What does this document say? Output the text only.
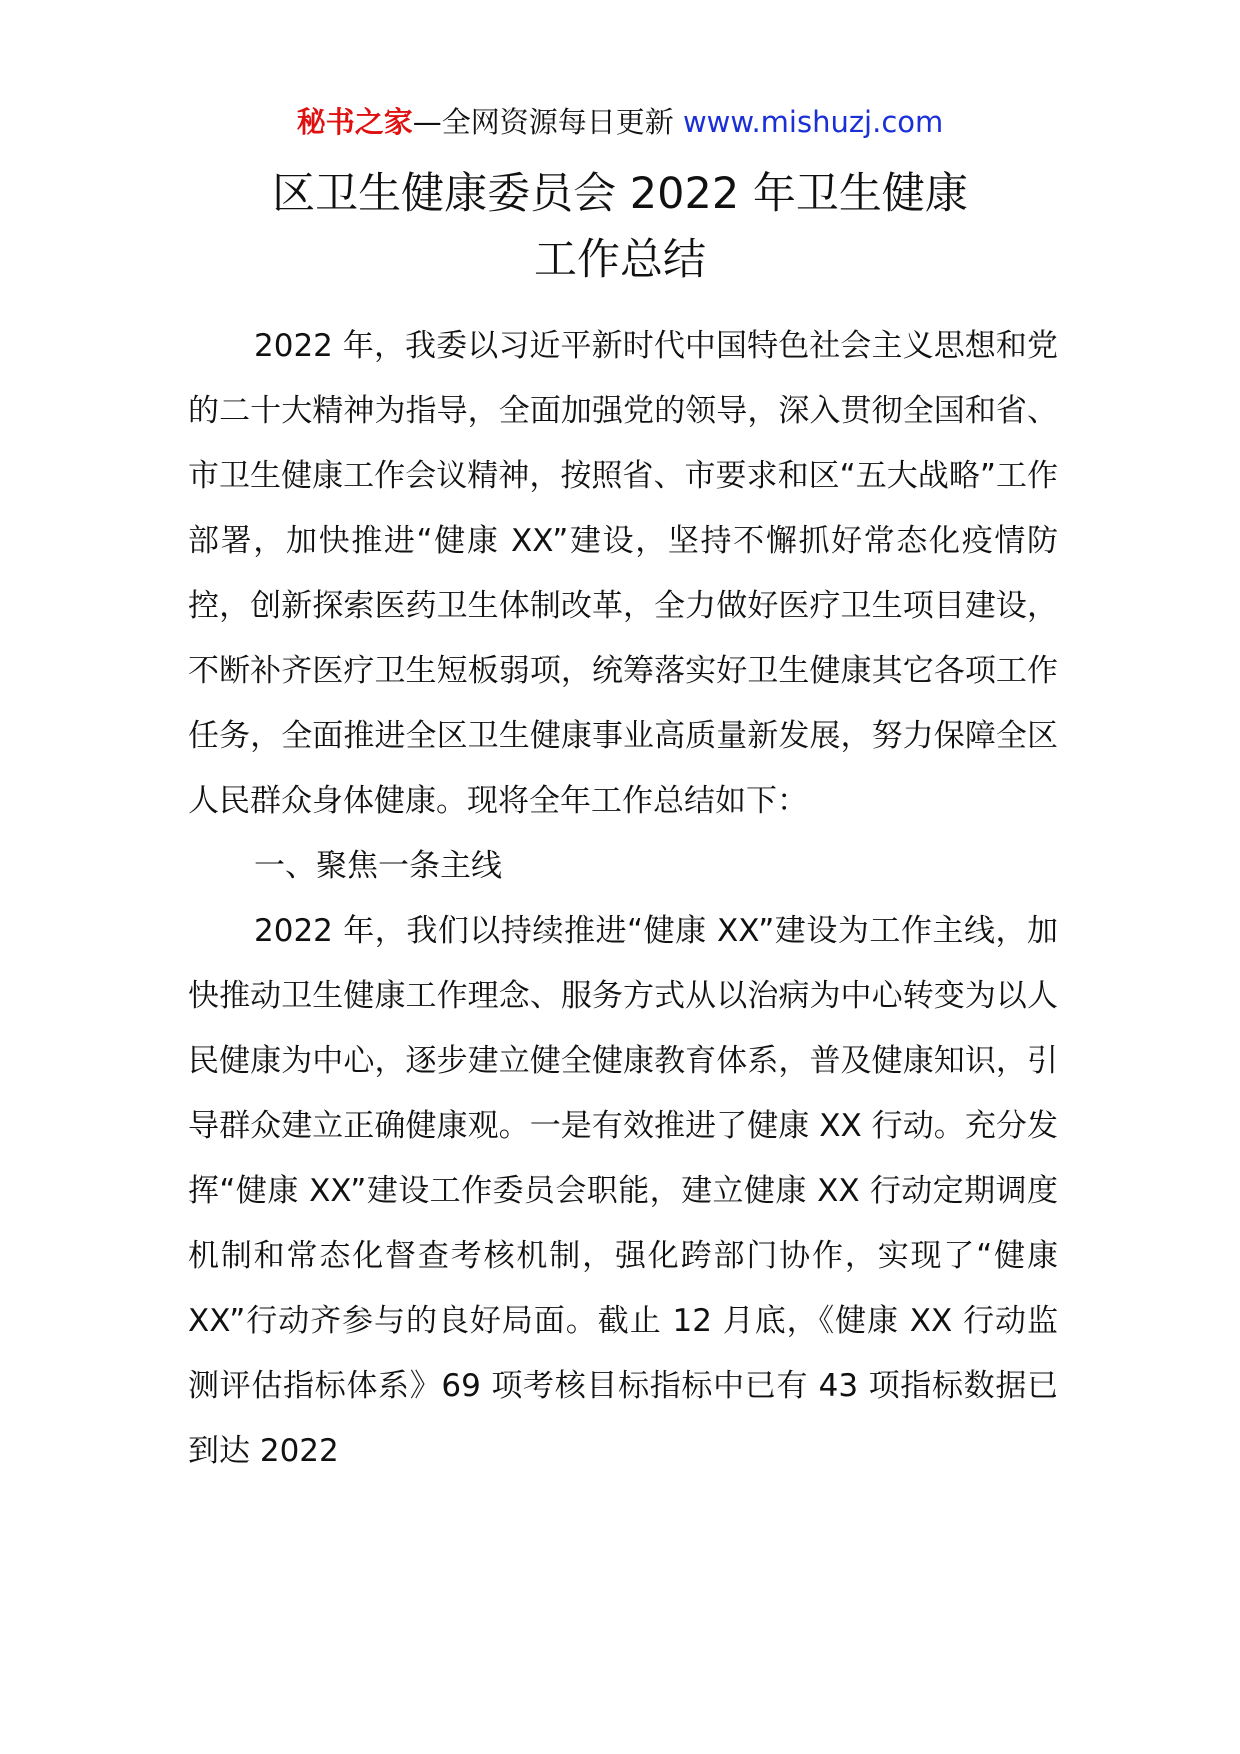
秘书之家—全网资源每日更新 www.mishuzj.com
区卫生健康委员会 2022 年卫生健康
工作总结

2022 年，我委以习近平新时代中国特色社会主义思想和党的二十大精神为指导，全面加强党的领导，深入贯彻全国和省、市卫生健康工作会议精神，按照省、市要求和区“五大战略”工作部署，加快推进“健康 XX”建设，坚持不懈抓好常态化疫情防控，创新探索医药卫生体制改革，全力做好医疗卫生项目建设，不断补齐医疗卫生短板弱项，统筹落实好卫生健康其它各项工作任务，全面推进全区卫生健康事业高质量新发展，努力保障全区人民群众身体健康。现将全年工作总结如下：

一、聚焦一条主线

2022 年，我们以持续推进“健康 XX”建设为工作主线，加快推动卫生健康工作理念、服务方式从以治病为中心转变为以人民健康为中心，逐步建立健全健康教育体系，普及健康知识，引导群众建立正确健康观。一是有效推进了健康 XX 行动。充分发挥“健康 XX”建设工作委员会职能，建立健康 XX 行动定期调度机制和常态化督查考核机制，强化跨部门协作，实现了“健康 XX”行动齐参与的良好局面。截止 12 月底，《健康 XX 行动监测评估指标体系》69 项考核目标指标中已有 43 项指标数据已到达 2022
